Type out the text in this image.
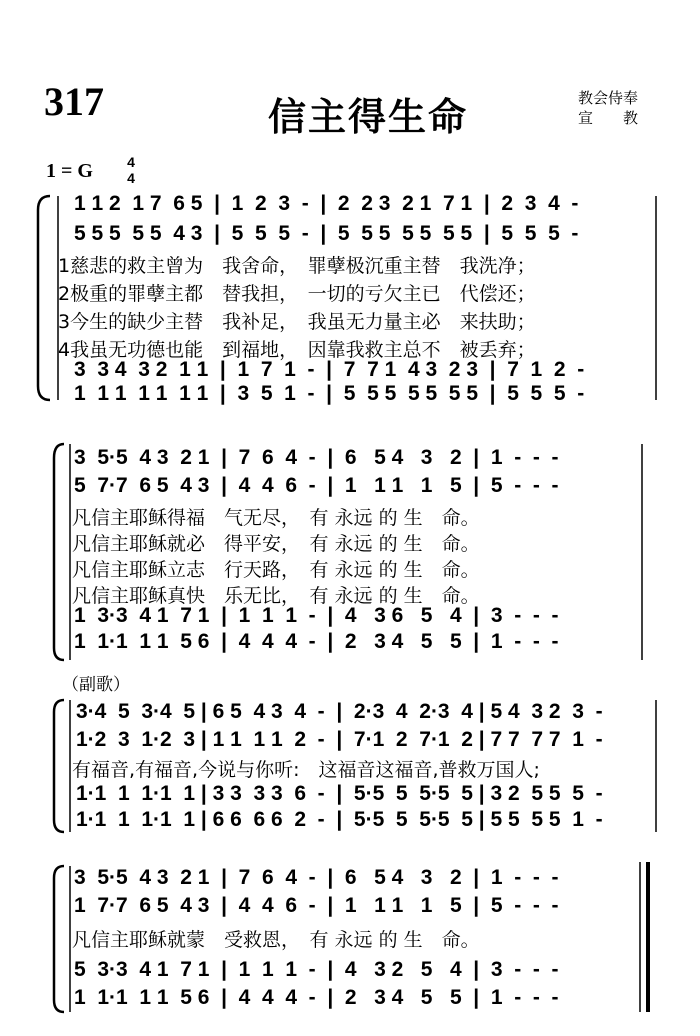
317	信主得生命	教会侍奉
宣　　教
1 = G 4
4
1 1 2  1 7  6 5  |  1  2  3  -  |  2  2 3  2 1  7 1  |  2  3  4  -
5 5 5  5 5  4 3  |  5  5  5  -  |  5  5 5  5 5  5 5  |  5  5  5  -
1慈悲的救主曾为　我舍命，　罪孽极沉重主替　我洗净；
2极重的罪孽主都　替我担，　一切的亏欠主已　代偿还；
3今生的缺少主替　我补足，　我虽无力量主必　来扶助；
4我虽无功德也能　到福地，　因靠我救主总不　被丢弃；
3  3 4  3 2  1 1  |  1  7  1  -  |  7  7 1  4 3  2 3  |  7  1  2  -
1  1 1  1 1  1 1  |  3  5  1  -  |  5  5 5  5 5  5 5  |  5  5  5  -
3  5·5  4 3  2 1  |  7  6  4  -  |  6   5 4   3   2  |  1  -  -  -
5  7·7  6 5  4 3  |  4  4  6  -  |  1   1 1   1   5  |  5  -  -  -
凡信主耶稣得福　气无尽，　有 永远 的 生　命。
凡信主耶稣就必　得平安，　有 永远 的 生　命。
凡信主耶稣立志　行天路，　有 永远 的 生　命。
凡信主耶稣真快　乐无比，　有 永远 的 生　命。
1  3·3  4 1  7 1  |  1  1  1  -  |  4   3 6   5   4  |  3  -  -  -
1  1·1  1 1  5 6  |  4  4  4  -  |  2   3 4   5   5  |  1  -  -  -
（副歌）
3·4  5  3·4  5 | 6 5  4 3  4  -  |  2·3  4  2·3  4 | 5 4  3 2  3  -
1·2  3  1·2  3 | 1 1  1 1  2  -  |  7·1  2  7·1  2 | 7 7  7 7  1  -
有福音,有福音,今说与你听:　这福音这福音,普救万国人;
1·1  1  1·1  1 | 3 3  3 3  6  -  |  5·5  5  5·5  5 | 3 2  5 5  5  -
1·1  1  1·1  1 | 6 6  6 6  2  -  |  5·5  5  5·5  5 | 5 5  5 5  1  -
3  5·5  4 3  2 1  |  7  6  4  -  |  6   5 4   3   2  |  1  -  -  -
1  7·7  6 5  4 3  |  4  4  6  -  |  1   1 1   1   5  |  5  -  -  -
凡信主耶稣就蒙　受救恩，　有 永远 的 生　命。
5  3·3  4 1  7 1  |  1  1  1  -  |  4   3 2   5   4  |  3  -  -  -
1  1·1  1 1  5 6  |  4  4  4  -  |  2   3 4   5   5  |  1  -  -  -
